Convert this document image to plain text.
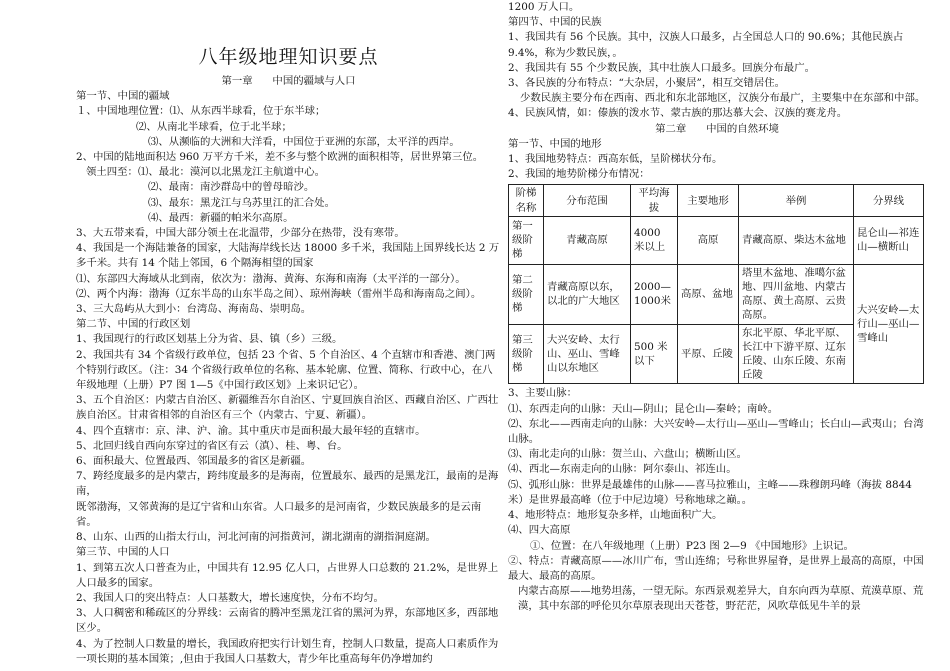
八年级地理知识要点

第一章      中国的疆域与人口

第一节、中国的疆域

１、中国地理位置：⑴、从东西半球看，位于东半球；

⑵、从南北半球看，位于北半球；

⑶、从濒临的大洲和大洋看，中国位于亚洲的东部，太平洋的西岸。

2、中国的陆地面积达 960 万平方千米，差不多与整个欧洲的面积相等，居世界第三位。

领土四至：⑴、最北：漠河以北黑龙江主航道中心。

⑵、最南：南沙群岛中的曾母暗沙。

⑶、最东：黑龙江与乌苏里江的汇合处。

⑷、最西：新疆的帕米尔高原。

3、大五带来看，中国大部分领土在北温带，少部分在热带，没有寒带。

4、我国是一个海陆兼备的国家，大陆海岸线长达 18000 多千米，我国陆上国界线长达 2 万多千米。共有 14 个陆上邻国，6 个隔海相望的国家

⑴、东部四大海域从北到南，依次为：渤海、黄海、东海和南海（太平洋的一部分）。

⑵、两个内海：渤海（辽东半岛的山东半岛之间）、琼州海峡（雷州半岛和海南岛之间）。

3、三大岛屿从大到小：台湾岛、海南岛、崇明岛。

第二节、中国的行政区划

1、我国现行的行政区划基上分为省、县、镇（乡）三级。

2、我国共有 34 个省级行政单位，包括 23 个省、5 个自治区、4 个直辖市和香港、澳门两个特别行政区。（注：34 个省级行政单位的名称、基本轮廓、位置、简称、行政中心，在八年级地理（上册）P7 图 1—5《中国行政区划》上来识记它）。

3、五个自治区：内蒙古自治区、新疆维吾尔自治区、宁夏回族自治区、西藏自治区、广西壮族自治区。甘肃省相邻的自治区有三个（内蒙古、宁夏、新疆）。

4、四个直辖市：京、津、沪、渝。其中重庆市是面积最大最年轻的直辖市。

5、北回归线自西向东穿过的省区有云（滇）、桂、粤、台。

6、面积最大、位置最西、邻国最多的省区是新疆。

7、跨经度最多的是内蒙古，跨纬度最多的是海南，位置最东、最西的是黑龙江，最南的是海南，

既邻渤海，又邻黄海的是辽宁省和山东省。人口最多的是河南省，少数民族最多的是云南省。

8、山东、山西的山指太行山，河北河南的河指黄河，湖北湖南的湖指洞庭湖。

第三节、中国的人口

1、到第五次人口普查为止，中国共有 12.95 亿人口，占世界人口总数的 21.2%，是世界上人口最多的国家。

2、我国人口的突出特点：人口基数大，增长速度快，分布不均匀。

3、人口稠密和稀疏区的分界线：云南省的腾冲至黑龙江省的黑河为界，东部地区多，西部地区少。

4、为了控制人口数量的增长，我国政府把实行计划生育，控制人口数量，提高人口素质作为一项长期的基本国策；,但由于我国人口基数大，青少年比重高每年仍净增加约

1200 万人口。

第四节、中国的民族

1、我国共有 56 个民族。其中，汉族人口最多，占全国总人口的 90.6%；其他民族占 9.4%，称为少数民族，。

2、我国共有 55 个少数民族，其中壮族人口最多。回族分布最广。

3、各民族的分布特点：“大杂居，小聚居”，相互交错居住。

少数民族主要分布在西南、西北和东北部地区，汉族分布最广，主要集中在东部和中部。

4、民族风情，如：傣族的泼水节、蒙古族的那达慕大会、汉族的赛龙舟。

第二章      中国的自然环境

第一节、中国的地形

1、我国地势特点：西高东低，呈阶梯状分布。

2、我国的地势阶梯分布情况：

阶梯名称	分布范围	平均海拔	主要地形	举例	分界线
第一级阶梯	青藏高原	4000 米以上	高原	青藏高原、柴达木盆地	昆仑山—祁连山—横断山
第二级阶梯	青藏高原以东，以北的广大地区	2000—1000米	高原、盆地	塔里木盆地、准噶尔盆地、四川盆地、内蒙古高原、黄土高原、云贵高原。	大兴安岭—太行山—巫山—雪峰山
第三级阶梯	大兴安岭、太行山、巫山、雪峰山以东地区	500 米以下	平原、丘陵	东北平原、华北平原、长江中下游平原、辽东丘陵、山东丘陵、东南丘陵	

3、主要山脉：

⑴、东西走向的山脉：天山—阴山；昆仑山—秦岭；南岭。

⑵、东北——西南走向的山脉：大兴安岭—太行山—巫山—雪峰山；长白山—武夷山；台湾山脉。

⑶、南北走向的山脉：贺兰山、六盘山；横断山区。

⑷、西北—东南走向的山脉：阿尔泰山、祁连山。

⑸、弧形山脉：世界是最雄伟的山脉——喜马拉雅山，主峰——珠穆朗玛峰（海拔 8844 米）是世界最高峰（位于中尼边境）号称地球之巅。。

4、地形特点：地形复杂多样，山地面积广大。

⑷、四大高原

①、位置：在八年级地理（上册）P23 图 2—9 《中国地形》上识记。

②、特点：青藏高原——冰川广布，雪山连绵；号称世界屋脊，是世界上最高的高原，中国最大、最高的高原。

内蒙古高原——地势坦荡，一望无际。东西景观差异大，自东向西为草原、荒漠草原、荒漠，其中东部的呼伦贝尔草原表现出天苍苍，野茫茫，风吹草低见牛羊的景
